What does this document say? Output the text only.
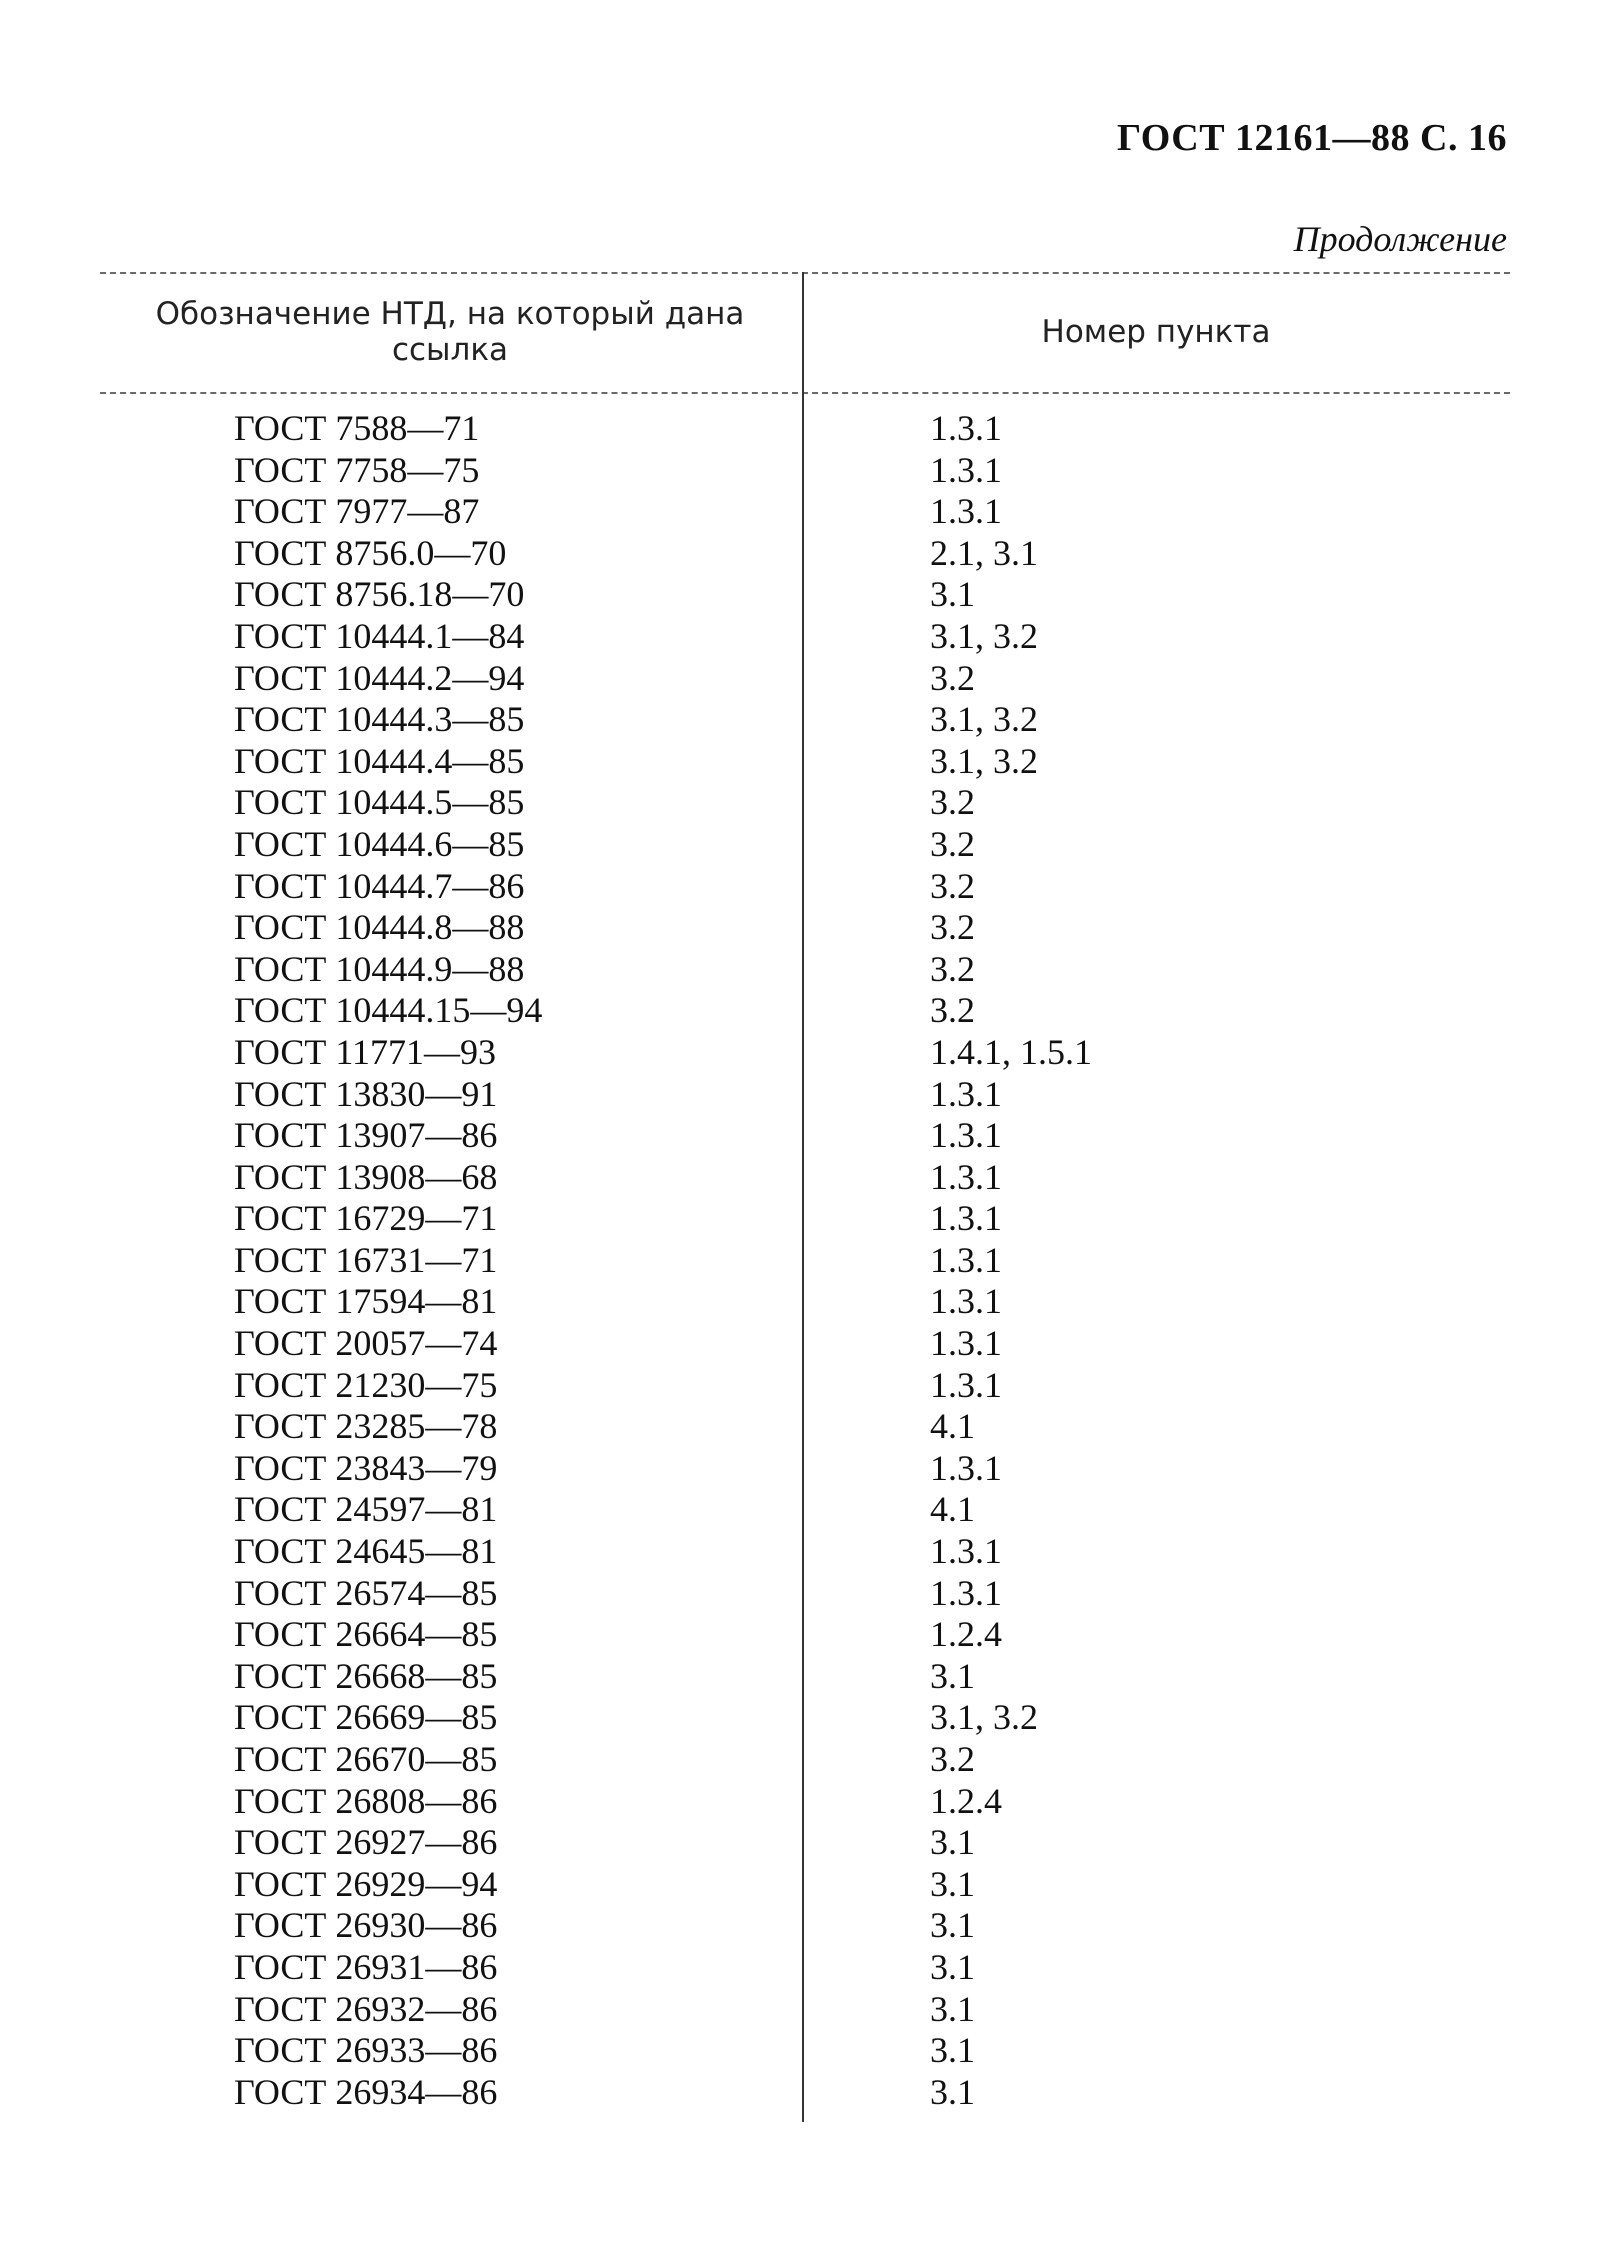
ГОСТ 12161—88 С. 16
Продолжение
Обозначение НТД, на который дана ссылка	Номер пункта
ГОСТ 7588—71	1.3.1
ГОСТ 7758—75	1.3.1
ГОСТ 7977—87	1.3.1
ГОСТ 8756.0—70	2.1, 3.1
ГОСТ 8756.18—70	3.1
ГОСТ 10444.1—84	3.1, 3.2
ГОСТ 10444.2—94	3.2
ГОСТ 10444.3—85	3.1, 3.2
ГОСТ 10444.4—85	3.1, 3.2
ГОСТ 10444.5—85	3.2
ГОСТ 10444.6—85	3.2
ГОСТ 10444.7—86	3.2
ГОСТ 10444.8—88	3.2
ГОСТ 10444.9—88	3.2
ГОСТ 10444.15—94	3.2
ГОСТ 11771—93	1.4.1, 1.5.1
ГОСТ 13830—91	1.3.1
ГОСТ 13907—86	1.3.1
ГОСТ 13908—68	1.3.1
ГОСТ 16729—71	1.3.1
ГОСТ 16731—71	1.3.1
ГОСТ 17594—81	1.3.1
ГОСТ 20057—74	1.3.1
ГОСТ 21230—75	1.3.1
ГОСТ 23285—78	4.1
ГОСТ 23843—79	1.3.1
ГОСТ 24597—81	4.1
ГОСТ 24645—81	1.3.1
ГОСТ 26574—85	1.3.1
ГОСТ 26664—85	1.2.4
ГОСТ 26668—85	3.1
ГОСТ 26669—85	3.1, 3.2
ГОСТ 26670—85	3.2
ГОСТ 26808—86	1.2.4
ГОСТ 26927—86	3.1
ГОСТ 26929—94	3.1
ГОСТ 26930—86	3.1
ГОСТ 26931—86	3.1
ГОСТ 26932—86	3.1
ГОСТ 26933—86	3.1
ГОСТ 26934—86	3.1
